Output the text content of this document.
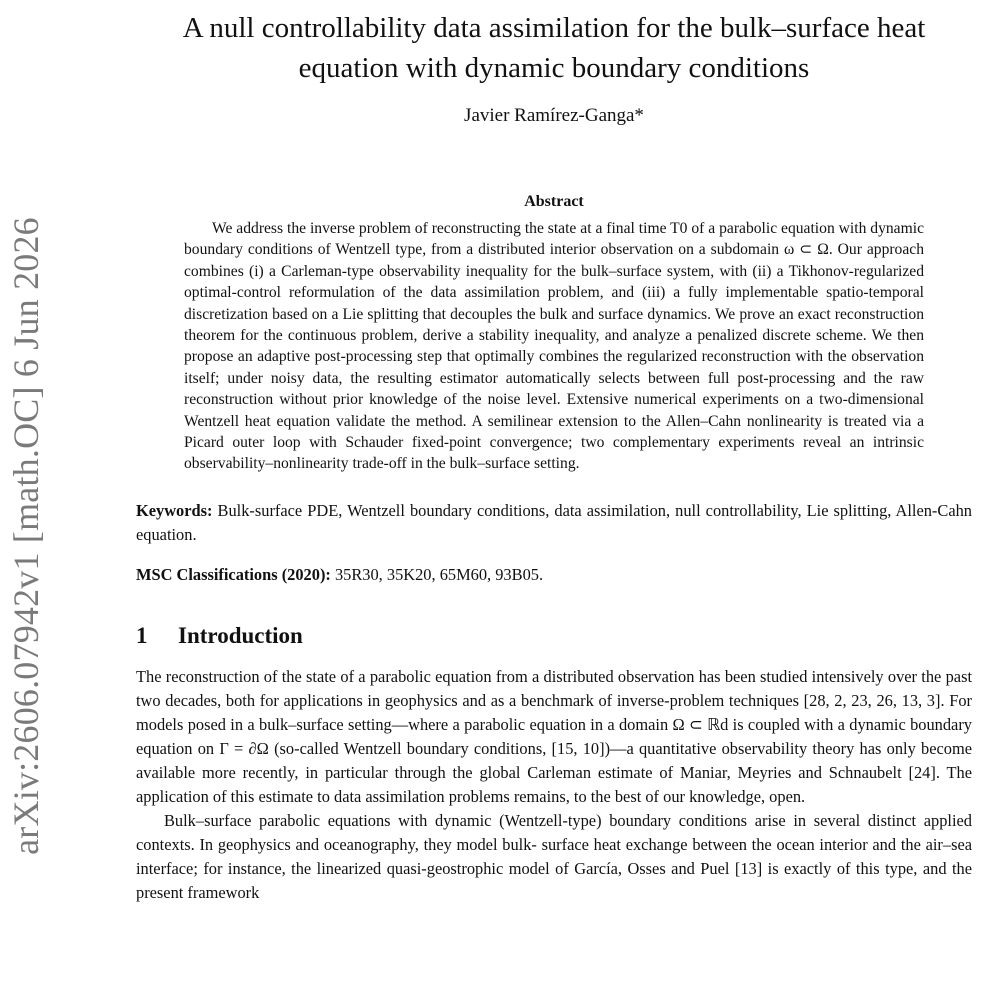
arXiv:2606.07942v1 [math.OC] 6 Jun 2026
A null controllability data assimilation for the bulk–surface heat equation with dynamic boundary conditions
Javier Ramírez-Ganga*
Abstract

We address the inverse problem of reconstructing the state at a final time T0 of a parabolic equation with dynamic boundary conditions of Wentzell type, from a distributed interior observation on a subdomain ω ⊂ Ω. Our approach combines (i) a Carleman-type observability inequality for the bulk–surface system, with (ii) a Tikhonov-regularized optimal-control reformulation of the data assimilation problem, and (iii) a fully implementable spatio-temporal discretization based on a Lie splitting that decouples the bulk and surface dynamics. We prove an exact reconstruction theorem for the continuous problem, derive a stability inequality, and analyze a penalized discrete scheme. We then propose an adaptive post-processing step that optimally combines the regularized reconstruction with the observation itself; under noisy data, the resulting estimator automatically selects between full post-processing and the raw reconstruction without prior knowledge of the noise level. Extensive numerical experiments on a two-dimensional Wentzell heat equation validate the method. A semilinear extension to the Allen–Cahn nonlinearity is treated via a Picard outer loop with Schauder fixed-point convergence; two complementary experiments reveal an intrinsic observability–nonlinearity trade-off in the bulk–surface setting.

Keywords: Bulk-surface PDE, Wentzell boundary conditions, data assimilation, null controllability, Lie splitting, Allen-Cahn equation.

MSC Classifications (2020): 35R30, 35K20, 65M60, 93B05.

1 Introduction

The reconstruction of the state of a parabolic equation from a distributed observation has been studied intensively over the past two decades, both for applications in geophysics and as a benchmark of inverse-problem techniques [28, 2, 23, 26, 13, 3]. For models posed in a bulk–surface setting—where a parabolic equation in a domain Ω ⊂ ℝd is coupled with a dynamic boundary equation on Γ = ∂Ω (so-called Wentzell boundary conditions, [15, 10])—a quantitative observability theory has only become available more recently, in particular through the global Carleman estimate of Maniar, Meyries and Schnaubelt [24]. The application of this estimate to data assimilation problems remains, to the best of our knowledge, open.

Bulk–surface parabolic equations with dynamic (Wentzell-type) boundary conditions arise in several distinct applied contexts. In geophysics and oceanography, they model bulk- surface heat exchange between the ocean interior and the air–sea interface; for instance, the linearized quasi-geostrophic model of García, Osses and Puel [13] is exactly of this type, and the present framework
